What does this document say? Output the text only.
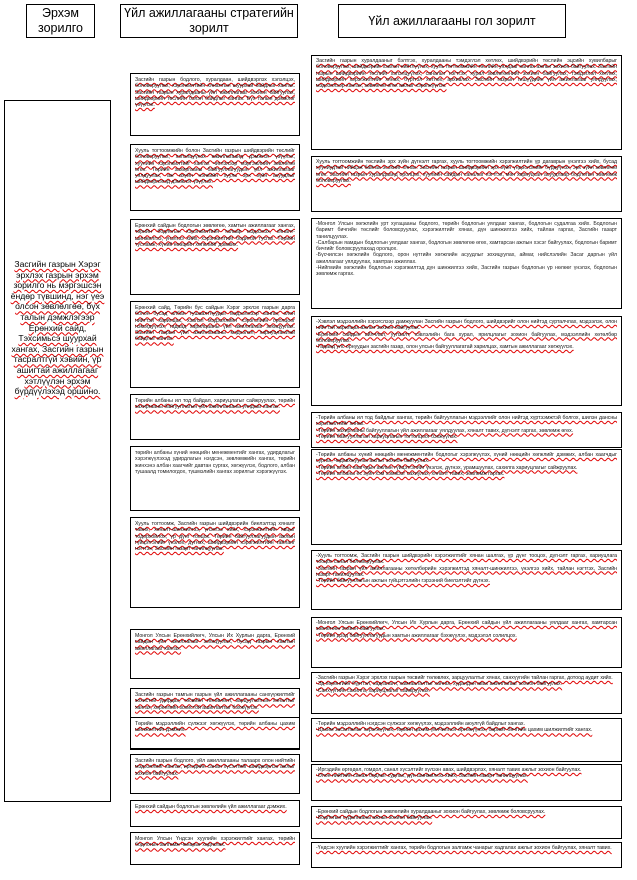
Эрхэм зорилго
Үйл ажиллагааны стратегийн зорилт
Үйл ажиллагааны гол зорилт
Засгийн газрын Хэрэг эрхлэх газрын эрхэм зорилго нь мэргэшсэн ёндөр түвшинд, нэг үеэ олсон зөвлөлгөө, бүх талын дэмжлэгээр Ерөнхий сайд, Тэхсимьсэ шуурхай хангах, Засгийн газрын тасралтгүй хэвийн, үр ашигтай ажиллагааг хэтлүүлэн эрхэм бүрдүүлэхэд оршино.
Засгийн газрын бодлого, хуралдаан, шийдвэрлэх хэлэлцэх, боловсруулах, хэрэгжилтийн хяналтын шуурхай байдлыг хангах. Засгийн газрын хуралдааны үйл ажиллагааг зохион байгуулах, шийдвэрийн төслийн бэлэн байдлыг хангах. Бүх талын дэмжлэг үзүүлэх.
Хууль тогтоомжийн болон Засгийн газрын шийдвэрийн төслийг боловсруулах, хэлэлцүүлэх ажиллагаанд дэмжлэг үзүүлэх, хуулийн хэрэгжилтийг хангах чиглэлээр мэргэжлийн зөвлөгөө өгөх. Төрийн захиргааны байгууллагуудын үйл ажиллагааг уялдуулах, аж ахуйн нэгжийн хууль эрх зүйн асуудлыг шийдвэрлэхэд дэмжлэг үзүүлэх.
Ерөнхий сайдын бодлогын зөвлөгөө, хамтын ажиллагааг хангах, төрийн бодлогын хэрэгжилтийн талаар мэдээлэх, хяналт-шинжилгээ, үнэлгээ хийх, хэрэгжилтийг бодитой тусгах. Төрийн тусламж, хүний нөөцийн хөгжлийг дэмжих.
Ерөнхий сайд, Төрийн бус сайдын Хэрэг эрхлэх газрын дарга болон бусад албан тушаалтнуудыг мэдээллээр хангах, олон нийттэй харилцах, хэвлэл мэдээллийн хэрэгслийн оролцоог нэмэгдүүлэх, гадаад харилцааны үйл ажиллагааг зохицуулах. Засгийн газрын үйл ажиллагааны мэдээлэл, хариуцлагатай байдлыг хангах.
Төрийн албаны ил тод байдал, хариуцлагыг сайжруулах, төрийн захиргааны байгууллагын үйл ажиллагааны уялдааг хангах.
төрийн албаны хүний нөөцийн менежментийг хангах, удирдлагыг хэрэгжүүлэхэд удирдлагын нэгдсэн, зөвлөмжийн хангах, төрийн жинхэнэ албан хаагчийг давтан сургах, хөгжүүлэх, бодлого, албан тушаалд томилогдох, түшмэлийн хангах зорилгыг хэрэгжүүлэх.
Хууль тогтоомж, Засгийн газрын шийдвэрийн биелэлтэд хяналт тавих, хяналт-шинжилгээ, үнэлгээ хийх, хэрэгжилтийн явцыг тодорхойлох, үр дүнг тооцох. Төрийн байгууллагуудын ажлын гүйцэтгэлийг үнэлэх, дүгнэх, шийдвэрийн хэрэгжилтийн тайланг нэгтгэх, Засгийн газарт танилцуулах.
Монгол Улсын Ерөнхийлөгч, Улсын Их Хурлын дарга, Ерөнхий сайдын үйл ажиллагааг зохицуулах, бусад газрын хамтын ажиллагааг хангах.
Засгийн газрын тамгын газрын үйл ажиллагааны санхүүжилтийг зохистой удирдах, төсвийн төлөвлөлт, зарцуулалтын хяналтыг хангах, хөрөнгийн зохистой ашиглалтыг бэхжүүлэх.
Төрийн мэдээллийн сүлжээг хөгжүүлэх, төрийн албаны цахим шилжилтийг дэмжих.
Засгийн газрын бодлого, үйл ажиллагааны талаарх олон нийтийн мэдээллийг хангах, иргэдийн санал хүсэлтийг шийдвэрлэх ажлыг зохион байгуулах.
Ерөнхий сайдын бодлогын зөвлөлийн үйл ажиллагааг дэмжих.
Монгол Улсын Үндсэн хуулийн хэрэгжилтийг хангах, төрийн бодлогын залгамж чанарыг хадгалах.
Засгийн газрын хуралдааныг бэлтгэх, хуралдааны тэмдэглэл хөтлөх, шийдвэрийн төслийн эцсийн хувилбарыг боловсруулах, шийдвэрийг хэвлэн нийтлүүлэх, хууль тогтоомжийн төслийн уялдааг хангах ажлыг зохион байгуулах. Засгийн газрын шийдвэрийн төслийг хэлэлцүүлэх, саналыг нэгтгэх, хурал зөвлөгөөнийг зохион байгуулах, тэмдэглэл хөтлөх, шийдвэрийн хэрэгжилтийг хянах, бүртгэл хөтлөх, архивлах. Засгийн газрын гишүүдийн үйл ажиллагааг уялдуулах, мэдээллээр хангах, зөвлөгөө өгөх ажлыг хэрэгжүүлэх.
Хууль тогтоомжийн төслийн эрх зүйн дүгнэлт гаргах, хууль тогтоомжийн хэрэгжилтийн үр дагаврын үнэлгээ хийх, бусад хуулиудтай нийцэж байгаа эсэхийг хянах. Засгийн газрын шийдвэрийн эрх зүйн үндэслэлийг бүрдүүлэх, эрх зүйн зөвлөгөө өгөх. Засгийн газрын хуралдаанд оролцох, хуулийн сайдын саналыг нэгтгэх, мөн хариуцсан асуудлаар бодлогын зөвлөмж боловсруулах.
-Монгол Улсын хөгжлийн урт хугацааны бодлого, төрийн бодлогын уялдааг хангах, бодлогын судалгаа хийх. Бодлогын баримт бичгийн төслийг боловсруулах, хэрэгжилтийг хянах, дүн шинжилгээ хийх, тайлан гаргах, Засгийн газарт танилцуулах.
-Салбарын яамдын бодлогын уялдааг хангах, бодлогын зөвлөгөө өгөх, хамтарсан ажлын хэсэг байгуулах, бодлогын баримт бичгийг боловсруулахад оролцох.
-Бүсчилсэн хөгжлийн бодлого, орон нутгийн хөгжлийн асуудлыг зохицуулах, аймаг, нийслэлийн Засаг даргын үйл ажиллагааг уялдуулах, хамтран ажиллах.
-Нийгмийн хөгжлийн бодлогын хэрэгжилтэд дүн шинжилгээ хийх, Засгийн газрын бодлогын үр нөлөөг үнэлэх, бодлогын зөвлөмж гаргах.
-Хэвлэл мэдээллийн хэрэгслээр дамжуулан Засгийн газрын бодлого, шийдвэрийг олон нийтэд сурталчлах, мэдээлэх, олон нийттэй харилцах ажлыг зохион байгуулах.
-Ерөнхий сайдын айлчлал, уулзалт, хэвлэлийн бага хурал, ярилцлагыг зохион байгуулах, мэдээллийн хөтөлбөр боловсруулах.
-Гадаад улс орнуудын засгийн газар, олон улсын байгууллагатай харилцах, хамтын ажиллагааг хөгжүүлэх.
-Төрийн албаны ил тод байдлыг хангах, төрийн байгууллагын мэдээллийг олон нийтэд хүртээмжтэй болгох, шилэн дансны хэрэгжилтийг хянах.
-Төрийн захиргааны байгууллагын үйл ажиллагааг уялдуулах, хяналт тавих, дүгнэлт гаргах, зөвлөмж өгөх.
-Төрийн байгууллагын хариуцлагын тогтолцоог бэхжүүлэх.
-Төрийн албаны хүний нөөцийн менежментийн бодлогыг хэрэгжүүлэх, хүний нөөцийн хөгжлийг дэмжих, албан хаагчдыг сургах, чадавхжуулах ажлыг зохион байгуулах.
-Төрийн албан хаагчдын ажлын гүйцэтгэлийг үнэлэх, дүгнэх, урамшуулах, сахилга хариуцлагыг сайжруулах.
-Төрийн албаны ёс зүйн хэм хэмжээг сахиулах, хяналт тавих, зөвлөмж гаргах.
-Хууль тогтоомж, Засгийн газрын шийдвэрийн хэрэгжилтийг хянан шалгах, үр дүнг тооцох, дүгнэлт гаргах, хариуцлага тооцох санал боловсруулах.
-Засгийн газрын үйл ажиллагааны хөтөлбөрийн хэрэгжилтэд хяналт-шинжилгээ, үнэлгээ хийх, тайлан нэгтгэх, Засгийн газарт танилцуулах.
-Төрийн байгууллагын ажлын гүйцэтгэлийн гэрээний биелэлтийг дүгнэх.
-Монгол Улсын Ерөнхийлөгч, Улсын Их Хурлын дарга, Ерөнхий сайдын үйл ажиллагааны уялдааг хангах, хамтарсан зөвлөгөөн зохион байгуулах.
-Төрийн дээд байгууллагуудын хамтын ажиллагааг бэхжүүлэх, мэдээлэл солилцох.
-Засгийн газрын Хэрэг эрхлэх газрын төсвийг төлөвлөх, зарцуулалтыг хянах, санхүүгийн тайлан гаргах, дотоод аудит хийх.
-Эд хөрөнгийн бүртгэл, хадгалалт, хамгаалалтыг хангах, худалдан авах ажиллагааг зохион байгуулах.
-Санхүүгийн сахилга, хариуцлагыг сайжруулах.
-Төрийн мэдээллийн нэгдсэн сүлжээг хөгжүүлэх, мэдээллийн аюулгүй байдлыг хангах.
-Цахим засаглалыг хэрэгжүүлэх, төрийн цахим үйлчилгээг өргөжүүлэх, баримт бичгийн цахим шилжилтийг хангах.
-Иргэдийн өргөдөл, гомдол, санал хүсэлтийг хүлээн авах, шийдвэрлэх, хяналт тавих ажлыг зохион байгуулах.
-Олон нийтийн санал бодлыг судлах, дүн шинжилгээ хийх, Засгийн газарт танилцуулах.
-Ерөнхий сайдын бодлогын зөвлөлийн хуралдааныг зохион байгуулах, зөвлөмж боловсруулах.
-Бодлогын судалгааны ажлыг зохион байгуулах.
-Үндсэн хуулийн хэрэгжилтийг хангах, төрийн бодлогын залгамж чанарыг хадгалах ажлыг зохион байгуулах, хяналт тавих.
